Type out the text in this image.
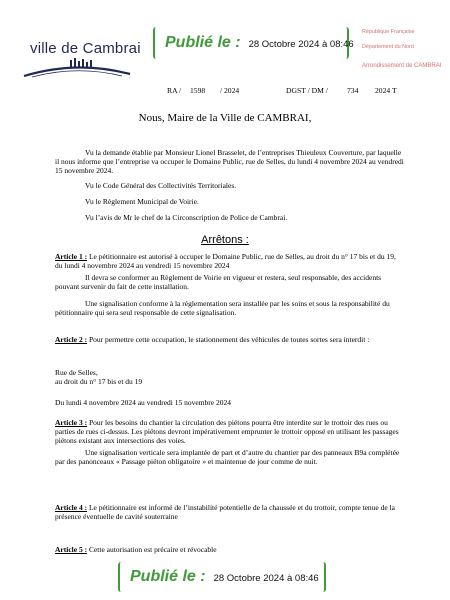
ville de Cambrai Publié le : 28 Octobre 2024 à 08:46
République Française
Département du Nord
Arrondissement de CAMBRAI
RA / 1598 / 2024	DGST / DM /	734 2024 T
Nous, Maire de la Ville de CAMBRAI,
Vu la demande établie par Monsieur Lionel Brasselet, de l’entreprises Thieuleux Couverture, par laquelle il nous informe que l’entreprise va occuper le Domaine Public, rue de Selles, du lundi 4 novembre 2024 au vendredi 15 novembre 2024.
Vu le Code Général des Collectivités Territoriales.
Vu le Règlement Municipal de Voirie.
Vu l’avis de Mr le chef de la Circonscription de Police de Cambrai.
Arrêtons :
Article 1 : Le pétitionnaire est autorisé à occuper le Domaine Public, rue de Selles, au droit du n° 17 bis et du 19, du lundi 4 novembre 2024 au vendredi 15 novembre 2024
Il devra se conformer au Règlement de Voirie en vigueur et restera, seul responsable, des accidents pouvant survenir du fait de cette installation.
Une signalisation conforme à la réglementation sera installée par les soins et sous la responsabilité du pétitionnaire qui sera seul responsable de cette signalisation.
Article 2 : Pour permettre cette occupation, le stationnement des véhicules de toutes sortes sera interdit :
Rue de Selles,
au droit du n° 17 bis et du 19
Du lundi 4 novembre 2024 au vendredi 15 novembre 2024
Article 3 : Pour les besoins du chantier la circulation des piétons pourra être interdite sur le trottoir des rues ou parties de rues ci-dessus. Les piétons devront impérativement emprunter le trottoir opposé en utilisant les passages piétons existant aux intersections des voies.
Une signalisation verticale sera implantée de part et d’autre du chantier par des panneaux B9a complétée par des panonceaux « Passage piéton obligatoire » et maintenue de jour comme de nuit.
Article 4 : Le pétitionnaire est informé de l’instabilité potentielle de la chaussée et du trottoir, compte tenue de la présence éventuelle de cavité souterraine
Article 5 : Cette autorisation est précaire et révocable
Publié le : 28 Octobre 2024 à 08:46
